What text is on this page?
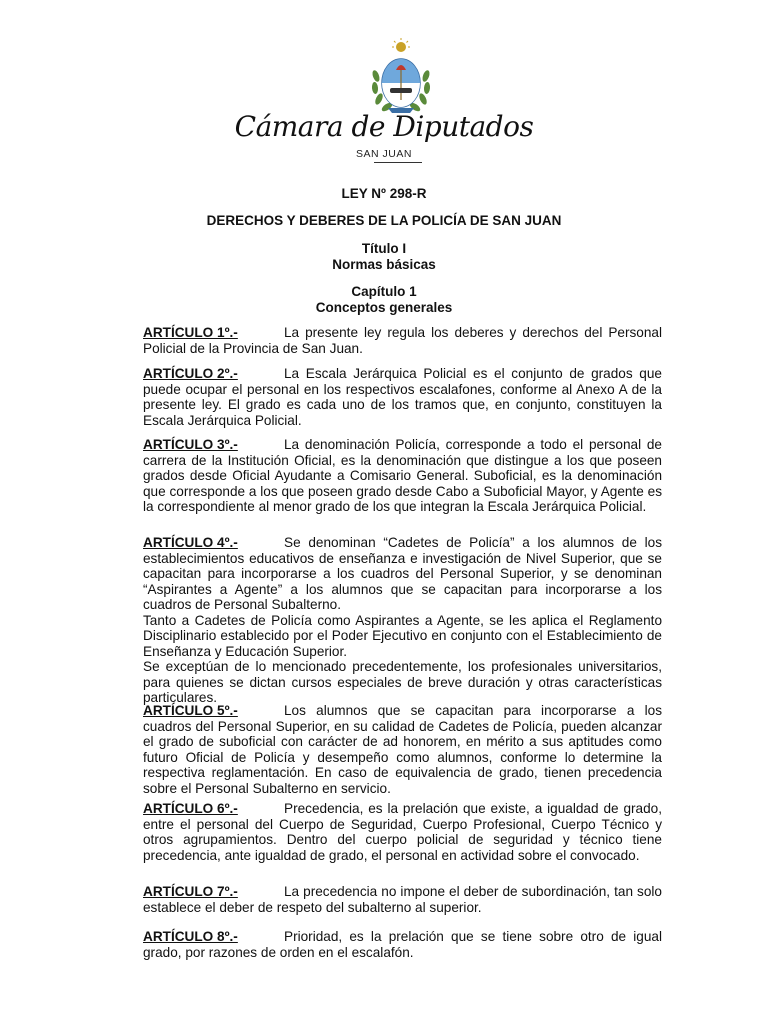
Cámara de Diputados
SAN JUAN
LEY Nº 298-R
DERECHOS Y DEBERES DE LA POLICÍA DE SAN JUAN
Título I
Normas básicas
Capítulo 1
Conceptos generales

ARTÍCULO 1º.-	La presente ley regula los deberes y derechos del Personal Policial de la Provincia de San Juan.

ARTÍCULO 2º.-	La Escala Jerárquica Policial es el conjunto de grados que puede ocupar el personal en los respectivos escalafones, conforme al Anexo A de la presente ley. El grado es cada uno de los tramos que, en conjunto, constituyen la Escala Jerárquica Policial.

ARTÍCULO 3º.-	La denominación Policía, corresponde a todo el personal de carrera de la Institución Oficial, es la denominación que distingue a los que poseen grados desde Oficial Ayudante a Comisario General. Suboficial, es la denominación que corresponde a los que poseen grado desde Cabo a Suboficial Mayor, y Agente es la correspondiente al menor grado de los que integran la Escala Jerárquica Policial.

ARTÍCULO 4º.-	Se denominan “Cadetes de Policía” a los alumnos de los establecimientos educativos de enseñanza e investigación de Nivel Superior, que se capacitan para incorporarse a los cuadros del Personal Superior, y se denominan “Aspirantes a Agente” a los alumnos que se capacitan para incorporarse a los cuadros de Personal Subalterno.

Tanto a Cadetes de Policía como Aspirantes a Agente, se les aplica el Reglamento Disciplinario establecido por el Poder Ejecutivo en conjunto con el Establecimiento de Enseñanza y Educación Superior.

Se exceptúan de lo mencionado precedentemente, los profesionales universitarios, para quienes se dictan cursos especiales de breve duración y otras características particulares.

ARTÍCULO 5º.-	Los alumnos que se capacitan para incorporarse a los cuadros del Personal Superior, en su calidad de Cadetes de Policía, pueden alcanzar el grado de suboficial con carácter de ad honorem, en mérito a sus aptitudes como futuro Oficial de Policía y desempeño como alumnos, conforme lo determine la respectiva reglamentación. En caso de equivalencia de grado, tienen precedencia sobre el Personal Subalterno en servicio.

ARTÍCULO 6º.-	Precedencia, es la prelación que existe, a igualdad de grado, entre el personal del Cuerpo de Seguridad, Cuerpo Profesional, Cuerpo Técnico y otros agrupamientos. Dentro del cuerpo policial de seguridad y técnico tiene precedencia, ante igualdad de grado, el personal en actividad sobre el convocado.

ARTÍCULO 7º.-	La precedencia no impone el deber de subordinación, tan solo establece el deber de respeto del subalterno al superior.

ARTÍCULO 8º.-	Prioridad, es la prelación que se tiene sobre otro de igual grado, por razones de orden en el escalafón.
